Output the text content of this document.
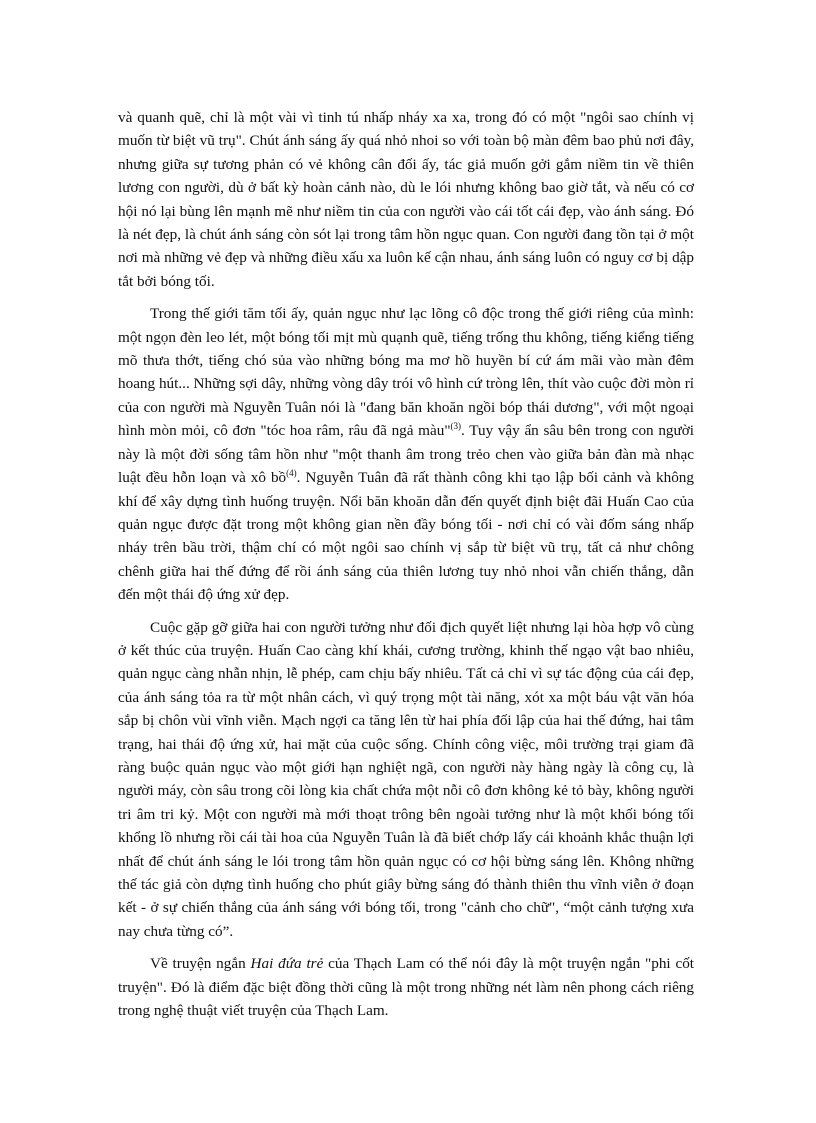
và quanh quẽ, chỉ là một vài vì tinh tú nhấp nháy xa xa, trong đó có một "ngôi sao chính vị muốn từ biệt vũ trụ". Chút ánh sáng ấy quá nhỏ nhoi so với toàn bộ màn đêm bao phủ nơi đây, nhưng giữa sự tương phản có vẻ không cân đối ấy, tác giả muốn gởi gắm niềm tin về thiên lương con người, dù ở bất kỳ hoàn cảnh nào, dù le lói nhưng không bao giờ tắt, và nếu có cơ hội nó lại bùng lên mạnh mẽ như niềm tin của con người vào cái tốt cái đẹp, vào ánh sáng. Đó là nét đẹp, là chút ánh sáng còn sót lại trong tâm hồn ngục quan. Con người đang tồn tại ở một nơi mà những vẻ đẹp và những điều xấu xa luôn kế cận nhau, ánh sáng luôn có nguy cơ bị dập tắt bởi bóng tối.

Trong thế giới tăm tối ấy, quản ngục như lạc lõng cô độc trong thế giới riêng của mình: một ngọn đèn leo lét, một bóng tối mịt mù quạnh quẽ, tiếng trống thu không, tiếng kiểng tiếng mõ thưa thớt, tiếng chó sủa vào những bóng ma mơ hồ huyền bí cứ ám mãi vào màn đêm hoang hút... Những sợi dây, những vòng dây trói vô hình cứ tròng lên, thít vào cuộc đời mòn rỉ của con người mà Nguyễn Tuân nói là "đang băn khoăn ngồi bóp thái dương", với một ngoại hình mòn mỏi, cô đơn "tóc hoa râm, râu đã ngả màu"$^{(3)}$. Tuy vậy ẩn sâu bên trong con người này là một đời sống tâm hồn như "một thanh âm trong trẻo chen vào giữa bản đàn mà nhạc luật đều hỗn loạn và xô bồ$^{(4)}$. Nguyễn Tuân đã rất thành công khi tạo lập bối cảnh và không khí để xây dựng tình huống truyện. Nổi băn khoăn dẫn đến quyết định biệt đãi Huấn Cao của quản ngục được đặt trong một không gian nền đầy bóng tối - nơi chỉ có vài đốm sáng nhấp nháy trên bầu trời, thậm chí có một ngôi sao chính vị sắp từ biệt vũ trụ, tất cả như chông chênh giữa hai thế đứng để rồi ánh sáng của thiên lương tuy nhỏ nhoi vẫn chiến thắng, dẫn đến một thái độ ứng xử đẹp.

Cuộc gặp gỡ giữa hai con người tưởng như đối địch quyết liệt nhưng lại hòa hợp vô cùng ở kết thúc của truyện. Huấn Cao càng khí khái, cương trường, khinh thế ngạo vật bao nhiêu, quản ngục càng nhẫn nhịn, lễ phép, cam chịu bấy nhiêu. Tất cả chỉ vì sự tác động của cái đẹp, của ánh sáng tỏa ra từ một nhân cách, vì quý trọng một tài năng, xót xa một báu vật văn hóa sắp bị chôn vùi vĩnh viễn. Mạch ngợi ca tăng lên từ hai phía đối lập của hai thế đứng, hai tâm trạng, hai thái độ ứng xử, hai mặt của cuộc sống. Chính công việc, môi trường trại giam đã ràng buộc quản ngục vào một giới hạn nghiệt ngã, con người này hàng ngày là công cụ, là người máy, còn sâu trong cõi lòng kia chất chứa một nỗi cô đơn không kẻ tỏ bày, không người tri âm tri kỷ. Một con người mà mới thoạt trông bên ngoài tưởng như là một khối bóng tối khổng lồ nhưng rồi cái tài hoa của Nguyễn Tuân là đã biết chớp lấy cái khoảnh khắc thuận lợi nhất để chút ánh sáng le lói trong tâm hồn quản ngục có cơ hội bừng sáng lên. Không những thế tác giả còn dựng tình huống cho phút giây bừng sáng đó thành thiên thu vĩnh viễn ở đoạn kết - ở sự chiến thắng của ánh sáng với bóng tối, trong "cảnh cho chữ", “một cảnh tượng xưa nay chưa từng có”.

Về truyện ngắn Hai đứa trẻ của Thạch Lam có thể nói đây là một truyện ngắn "phi cốt truyện". Đó là điểm đặc biệt đồng thời cũng là một trong những nét làm nên phong cách riêng trong nghệ thuật viết truyện của Thạch Lam.
